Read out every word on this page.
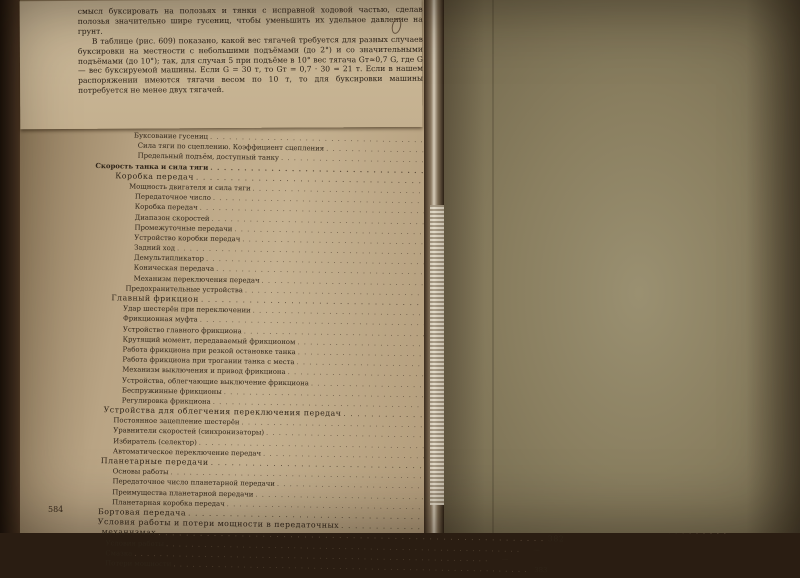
смысл буксировать на полозьях и тянки с исправной ходовой частью, сделав полозья значительно шире гусениц, чтобы уменьшить их удельное давление на грунт.

В таблице (рис. 609) показано, какой вес тягачей требуется для разных случаев буксировки на местности с небольшими подъёмами (до 2°) и со значительными подъёмами (до 10°); так, для случая 5 при подъёме в 10° вес тягача Gт≈0,7 G, где G — вес буксируемой машины. Если G = 30 т, то Gт = 0,7 · 30 = 21 т. Если в нашем распоряжении имеются тягачи весом по 10 т, то для буксировки машины потребуется не менее двух тягачей.

Буксование гусениц
. . .
Сила тяги по сцеплению. Коэффициент сцепления
. . .
Предельный подъём, доступный танку
. . .
Скорость танка и сила тяги
. . .
Коробка передач
. . .
Мощность двигателя и сила тяги
. . .
Передаточное число
. . .
Коробка передач
. . .
Диапазон скоростей
. . .
Промежуточные передачи
. . .
Устройство коробки передач
. . .
Задний ход
. . .
Демультипликатор
. . .
Коническая передача
. . .
Механизм переключения передач
. . .
Предохранительные устройства
. . .
Главный фрикцион
. . .
Удар шестерён при переключении
. . .
Фрикционная муфта
. . .
Устройство главного фрикциона
. . .
Крутящий момент, передаваемый фрикционом
. . .
Работа фрикциона при резкой остановке танка
. . .
Работа фрикциона при трогании танка с места
. . .
Механизм выключения и привод фрикциона
. . .
Устройства, облегчающие выключение фрикциона
. . .
Беспружинные фрикционы
. . .
Регулировка фрикциона
. . .
Устройства для облегчения переключения передач
. . .
Постоянное зацепление шестерён
. . .
Уравнители скоростей (синхронизаторы)
. . .
Избиратель (селектор)
. . .
Автоматическое переключение передач
. . .
Планетарные передачи
. . .
Основы работы
. . .
Передаточное число планетарной передачи
. . .
Преимущества планетарной передачи
. . .
Планетарная коробка передач
. . .
Бортовая передача
. . .
Условия работы и потери мощности в передаточных
. . .
механизмах
. . .
382
Условия работы
. . .
—
Смазка
. . .
—
Потери мощности
. . .
383
584
